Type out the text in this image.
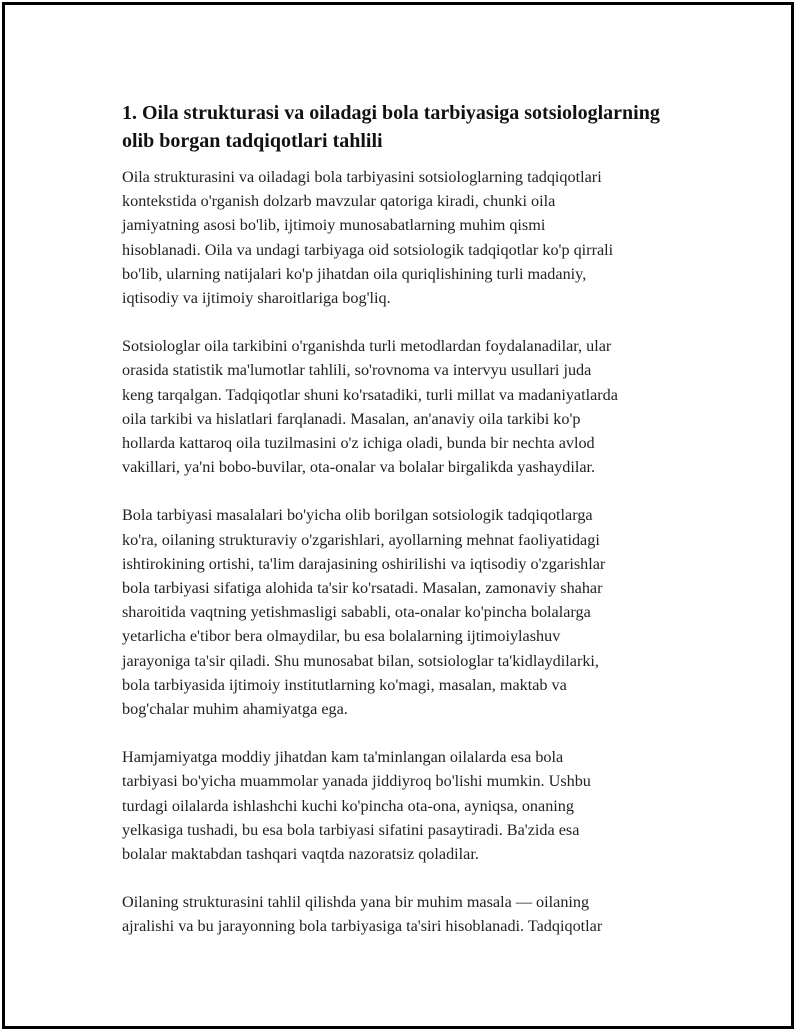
1. Oila strukturasi va oiladagi bola tarbiyasiga sotsiologlarning
olib borgan tadqiqotlari tahlili

Oila strukturasini va oiladagi bola tarbiyasini sotsiologlarning tadqiqotlari
kontekstida o'rganish dolzarb mavzular qatoriga kiradi, chunki oila
jamiyatning asosi bo'lib, ijtimoiy munosabatlarning muhim qismi
hisoblanadi. Oila va undagi tarbiyaga oid sotsiologik tadqiqotlar ko'p qirrali
bo'lib, ularning natijalari ko'p jihatdan oila quriqlishining turli madaniy,
iqtisodiy va ijtimoiy sharoitlariga bog'liq.

Sotsiologlar oila tarkibini o'rganishda turli metodlardan foydalanadilar, ular
orasida statistik ma'lumotlar tahlili, so'rovnoma va intervyu usullari juda
keng tarqalgan. Tadqiqotlar shuni ko'rsatadiki, turli millat va madaniyatlarda
oila tarkibi va hislatlari farqlanadi. Masalan, an'anaviy oila tarkibi ko'p
hollarda kattaroq oila tuzilmasini o'z ichiga oladi, bunda bir nechta avlod
vakillari, ya'ni bobo-buvilar, ota-onalar va bolalar birgalikda yashaydilar.

Bola tarbiyasi masalalari bo'yicha olib borilgan sotsiologik tadqiqotlarga
ko'ra, oilaning strukturaviy o'zgarishlari, ayollarning mehnat faoliyatidagi
ishtirokining ortishi, ta'lim darajasining oshirilishi va iqtisodiy o'zgarishlar
bola tarbiyasi sifatiga alohida ta'sir ko'rsatadi. Masalan, zamonaviy shahar
sharoitida vaqtning yetishmasligi sababli, ota-onalar ko'pincha bolalarga
yetarlicha e'tibor bera olmaydilar, bu esa bolalarning ijtimoiylashuv
jarayoniga ta'sir qiladi. Shu munosabat bilan, sotsiologlar ta'kidlaydilarki,
bola tarbiyasida ijtimoiy institutlarning ko'magi, masalan, maktab va
bog'chalar muhim ahamiyatga ega.

Hamjamiyatga moddiy jihatdan kam ta'minlangan oilalarda esa bola
tarbiyasi bo'yicha muammolar yanada jiddiyroq bo'lishi mumkin. Ushbu
turdagi oilalarda ishlashchi kuchi ko'pincha ota-ona, ayniqsa, onaning
yelkasiga tushadi, bu esa bola tarbiyasi sifatini pasaytiradi. Ba'zida esa
bolalar maktabdan tashqari vaqtda nazoratsiz qoladilar.

Oilaning strukturasini tahlil qilishda yana bir muhim masala — oilaning
ajralishi va bu jarayonning bola tarbiyasiga ta'siri hisoblanadi. Tadqiqotlar
